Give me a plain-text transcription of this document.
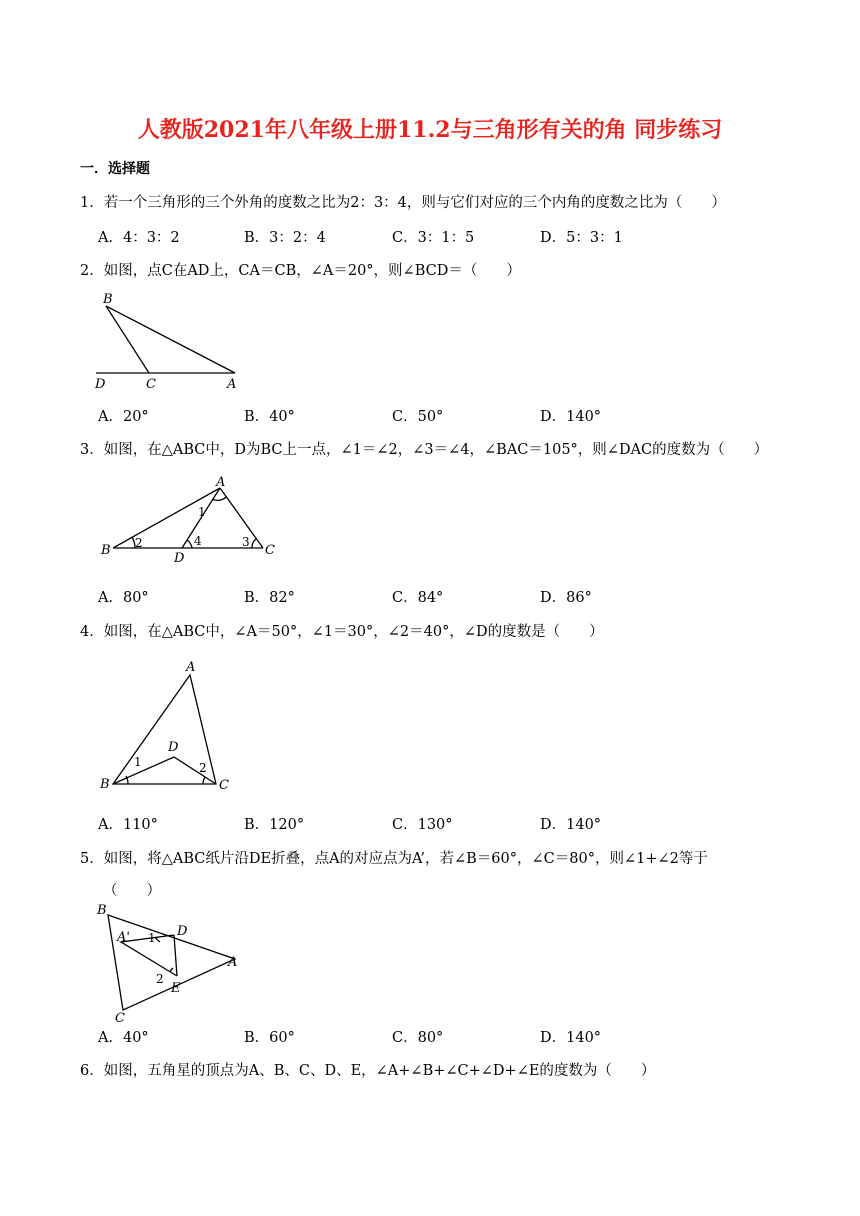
人教版2021年八年级上册11.2与三角形有关的角 同步练习
一．选择题
1．若一个三角形的三个外角的度数之比为2：3：4，则与它们对应的三个内角的度数之比为（　　）
A．4：3：2	B．3：2：4	C．3：1：5	D．5：3：1
2．如图，点C在AD上，CA＝CB，∠A＝20°，则∠BCD＝（　　）
B
D	C	A
A．20°	B．40°	C．50°	D．140°
3．如图，在△ABC中，D为BC上一点，∠1＝∠2，∠3＝∠4，∠BAC＝105°，则∠DAC的度数为（　　）
A
1
B 2
D
4	3
C
A．80°	B．82°	C．84°	D．86°
4．如图，在△ABC中，∠A＝50°，∠1＝30°，∠2＝40°，∠D的度数是（　　）
A
D
1	2
B	C
A．110°	B．120°	C．130°	D．140°
5．如图，将△ABC纸片沿DE折叠，点A的对应点为A’，若∠B＝60°，∠C＝80°，则∠1+∠2等于
（　　）
B
A' 1 D
A
2
E
C
A．40°	B．60°	C．80°	D．140°
6．如图，五角星的顶点为A、B、C、D、E，∠A+∠B+∠C+∠D+∠E的度数为（　　）
